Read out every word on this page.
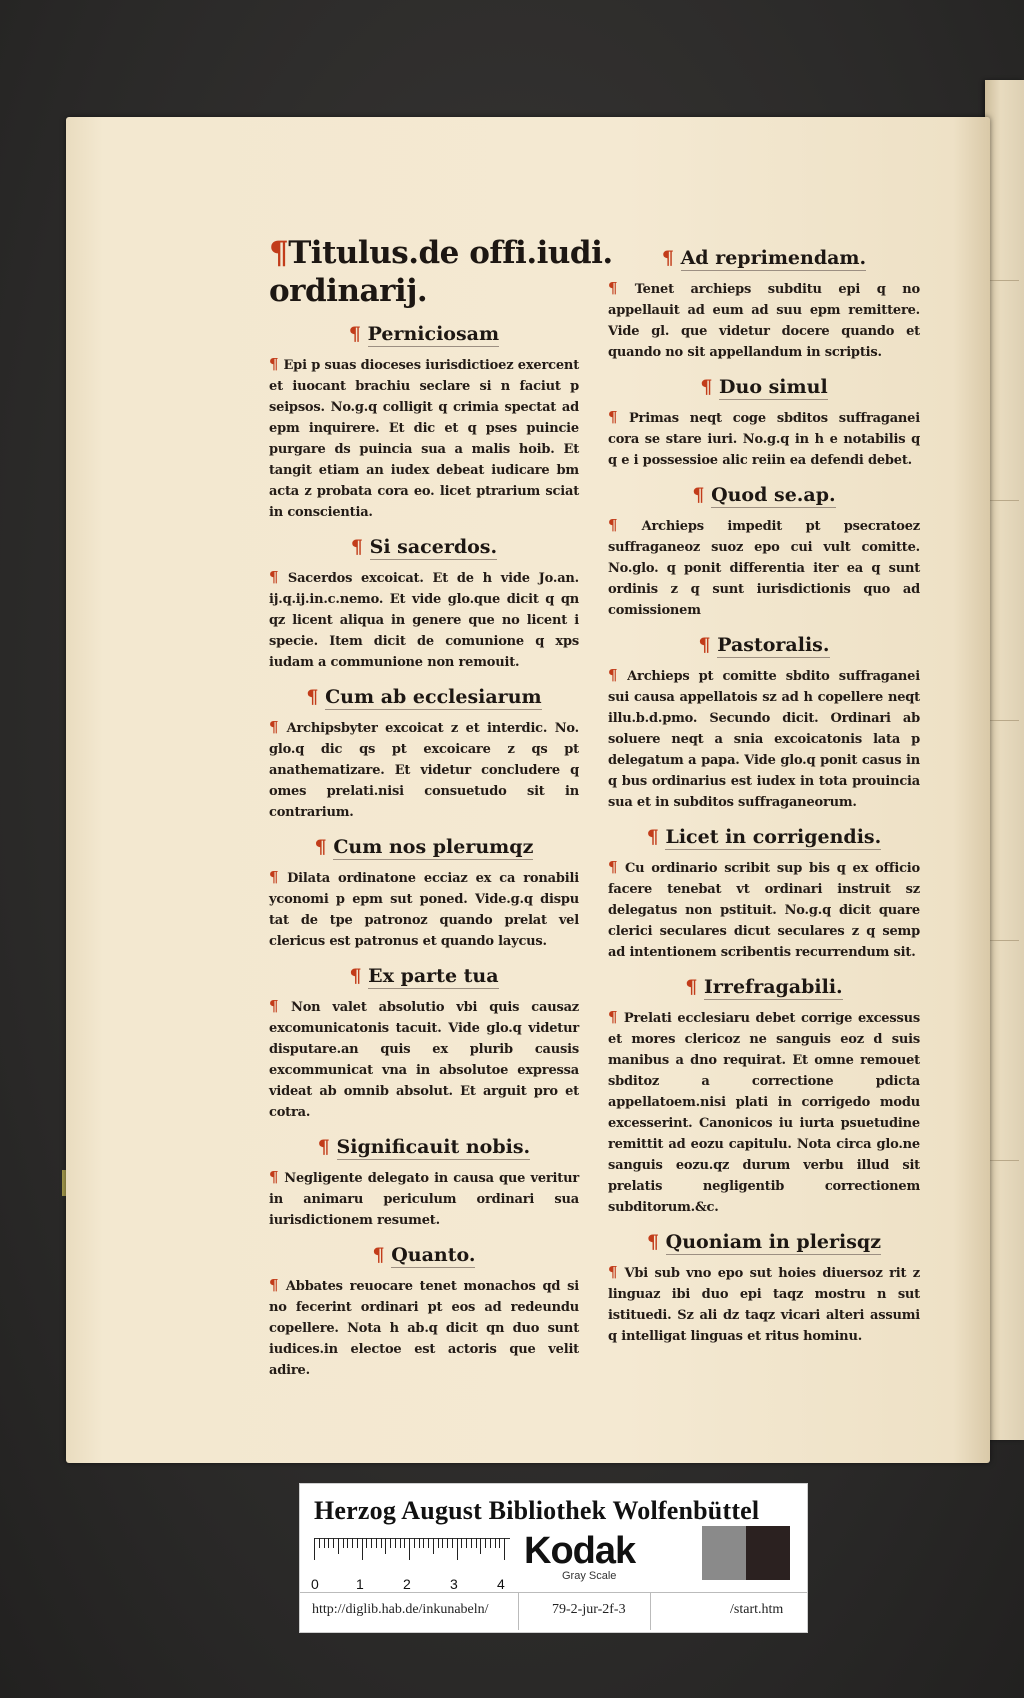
¶Titulus.de offi.iudi.
ordinarij.
¶ Perniciosam
¶ Epi p suas dioceses iurisdictioez exercent et iuocant brachiu seclare si n faciut p seipsos. No.g.q colligit q crimia spectat ad epm inquirere. Et dic et q pses puincie purgare ds puincia sua a malis hoib. Et tangit etiam an iudex debeat iudicare bm acta z probata cora eo. licet ptrarium sciat in conscientia.
¶ Si sacerdos.
¶ Sacerdos excoicat. Et de h vide Jo.an. ij.q.ij.in.c.nemo. Et vide glo.que dicit q qn qz licent aliqua in genere que no licent i specie. Item dicit de comunione q xps iudam a communione non remouit.
¶ Cum ab ecclesiarum
¶ Archipsbyter excoicat z et interdic. No. glo.q dic qs pt excoicare z qs pt anathematizare. Et videtur concludere q omes prelati.nisi consuetudo sit in contrarium.
¶ Cum nos plerumqz
¶ Dilata ordinatone ecciaz ex ca ronabili yconomi p epm sut poned. Vide.g.q dispu tat de tpe patronoz quando prelat vel clericus est patronus et quando laycus.
¶ Ex parte tua
¶ Non valet absolutio vbi quis causaz excomunicatonis tacuit. Vide glo.q videtur disputare.an quis ex plurib causis excommunicat vna in absolutoe expressa videat ab omnib absolut. Et arguit pro et cotra.
¶ Significauit nobis.
¶ Negligente delegato in causa que veritur in animaru periculum ordinari sua iurisdictionem resumet.
¶ Quanto.
¶ Abbates reuocare tenet monachos qd si no fecerint ordinari pt eos ad redeundu copellere. Nota h ab.q dicit qn duo sunt iudices.in electoe est actoris que velit adire.
¶ Ad reprimendam.
¶ Tenet archieps subditu epi q no appellauit ad eum ad suu epm remittere. Vide gl. que videtur docere quando et quando no sit appellandum in scriptis.
¶ Duo simul
¶ Primas neqt coge sbditos suffraganei cora se stare iuri. No.g.q in h e notabilis q q e i possessioe alic reiin ea defendi debet.
¶ Quod se.ap.
¶ Archieps impedit pt psecratoez suffraganeoz suoz epo cui vult comitte. No.glo. q ponit differentia iter ea q sunt ordinis z q sunt iurisdictionis quo ad comissionem
¶ Pastoralis.
¶ Archieps pt comitte sbdito suffraganei sui causa appellatois sz ad h copellere neqt illu.b.d.pmo. Secundo dicit. Ordinari ab soluere neqt a snia excoicatonis lata p delegatum a papa. Vide glo.q ponit casus in q bus ordinarius est iudex in tota prouincia sua et in subditos suffraganeorum.
¶ Licet in corrigendis.
¶ Cu ordinario scribit sup bis q ex officio facere tenebat vt ordinari instruit sz delegatus non pstituit. No.g.q dicit quare clerici seculares dicut seculares z q semp ad intentionem scribentis recurrendum sit.
¶ Irrefragabili.
¶ Prelati ecclesiaru debet corrige excessus et mores clericoz ne sanguis eoz d suis manibus a dno requirat. Et omne remouet sbditoz a correctione pdicta appellatoem.nisi plati in corrigedo modu excesserint. Canonicos iu iurta psuetudine remittit ad eozu capitulu. Nota circa glo.ne sanguis eozu.qz durum verbu illud sit prelatis negligentib correctionem subditorum.&c.
¶ Quoniam in plerisqz
¶ Vbi sub vno epo sut hoies diuersoz rit z linguaz ibi duo epi taqz mostru n sut istituedi. Sz ali dz taqz vicari alteri assumi q intelligat linguas et ritus hominu.
Herzog August Bibliothek Wolfenbüttel
0	1	2	3	4
Kodak
Gray Scale
http://diglib.hab.de/inkunabeln/	79-2-jur-2f-3	/start.htm
